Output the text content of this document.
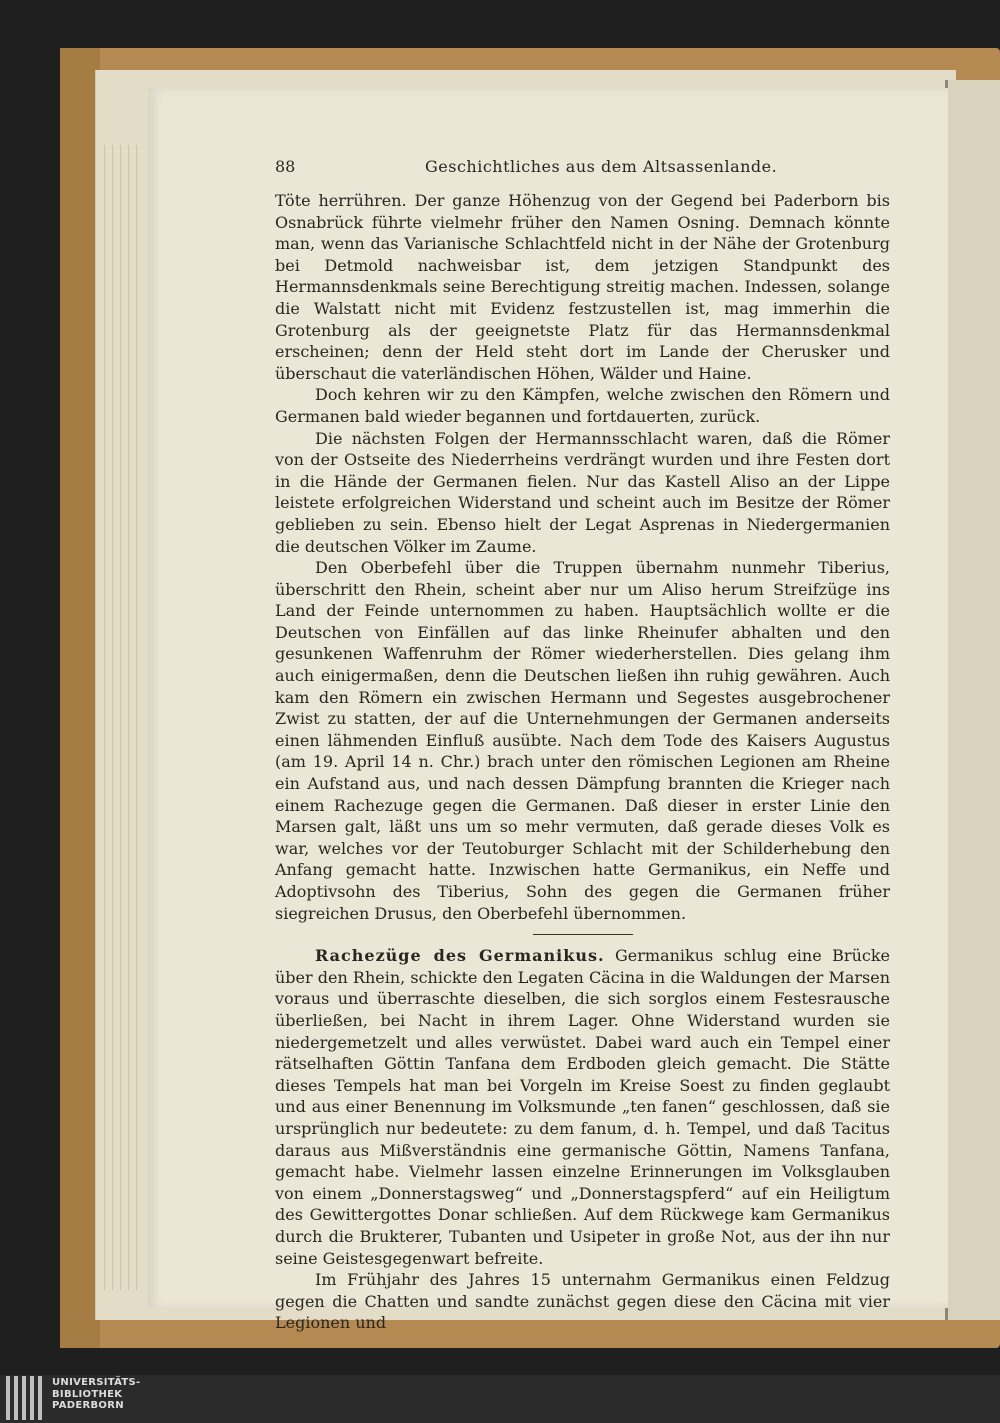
88	Geschichtliches aus dem Altsassenlande.

Töte herrühren. Der ganze Höhenzug von der Gegend bei Paderborn bis Osnabrück führte vielmehr früher den Namen Osning. Demnach könnte man, wenn das Varianische Schlachtfeld nicht in der Nähe der Grotenburg bei Detmold nachweisbar ist, dem jetzigen Standpunkt des Hermannsdenkmals seine Berechtigung streitig machen. Indessen, solange die Walstatt nicht mit Evidenz festzustellen ist, mag immerhin die Grotenburg als der geeignetste Platz für das Hermannsdenkmal erscheinen; denn der Held steht dort im Lande der Cherusker und überschaut die vaterländischen Höhen, Wälder und Haine.

Doch kehren wir zu den Kämpfen, welche zwischen den Römern und Germanen bald wieder begannen und fortdauerten, zurück.

Die nächsten Folgen der Hermannsschlacht waren, daß die Römer von der Ostseite des Niederrheins verdrängt wurden und ihre Festen dort in die Hände der Germanen fielen. Nur das Kastell Aliso an der Lippe leistete erfolgreichen Widerstand und scheint auch im Besitze der Römer geblieben zu sein. Ebenso hielt der Legat Asprenas in Niedergermanien die deutschen Völker im Zaume.

Den Oberbefehl über die Truppen übernahm nunmehr Tiberius, überschritt den Rhein, scheint aber nur um Aliso herum Streifzüge ins Land der Feinde unternommen zu haben. Hauptsächlich wollte er die Deutschen von Einfällen auf das linke Rheinufer abhalten und den gesunkenen Waffenruhm der Römer wiederherstellen. Dies gelang ihm auch einigermaßen, denn die Deutschen ließen ihn ruhig gewähren. Auch kam den Römern ein zwischen Hermann und Segestes ausgebrochener Zwist zu statten, der auf die Unternehmungen der Germanen anderseits einen lähmenden Einfluß ausübte. Nach dem Tode des Kaisers Augustus (am 19. April 14 n. Chr.) brach unter den römischen Legionen am Rheine ein Aufstand aus, und nach dessen Dämpfung brannten die Krieger nach einem Rachezuge gegen die Germanen. Daß dieser in erster Linie den Marsen galt, läßt uns um so mehr vermuten, daß gerade dieses Volk es war, welches vor der Teutoburger Schlacht mit der Schilderhebung den Anfang gemacht hatte. Inzwischen hatte Germanikus, ein Neffe und Adoptivsohn des Tiberius, Sohn des gegen die Germanen früher siegreichen Drusus, den Oberbefehl übernommen.

Rachezüge des Germanikus. Germanikus schlug eine Brücke über den Rhein, schickte den Legaten Cäcina in die Waldungen der Marsen voraus und überraschte dieselben, die sich sorglos einem Festesrausche überließen, bei Nacht in ihrem Lager. Ohne Widerstand wurden sie niedergemetzelt und alles verwüstet. Dabei ward auch ein Tempel einer rätselhaften Göttin Tanfana dem Erdboden gleich gemacht. Die Stätte dieses Tempels hat man bei Vorgeln im Kreise Soest zu finden geglaubt und aus einer Benennung im Volksmunde „ten fanen“ geschlossen, daß sie ursprünglich nur bedeutete: zu dem fanum, d. h. Tempel, und daß Tacitus daraus aus Mißverständnis eine germanische Göttin, Namens Tanfana, gemacht habe. Vielmehr lassen einzelne Erinnerungen im Volksglauben von einem „Donnerstagsweg“ und „Donnerstagspferd“ auf ein Heiligtum des Gewittergottes Donar schließen. Auf dem Rückwege kam Germanikus durch die Brukterer, Tubanten und Usipeter in große Not, aus der ihn nur seine Geistesgegenwart befreite.

Im Frühjahr des Jahres 15 unternahm Germanikus einen Feldzug gegen die Chatten und sandte zunächst gegen diese den Cäcina mit vier Legionen und

UNIVERSITÄTS-
BIBLIOTHEK
PADERBORN
